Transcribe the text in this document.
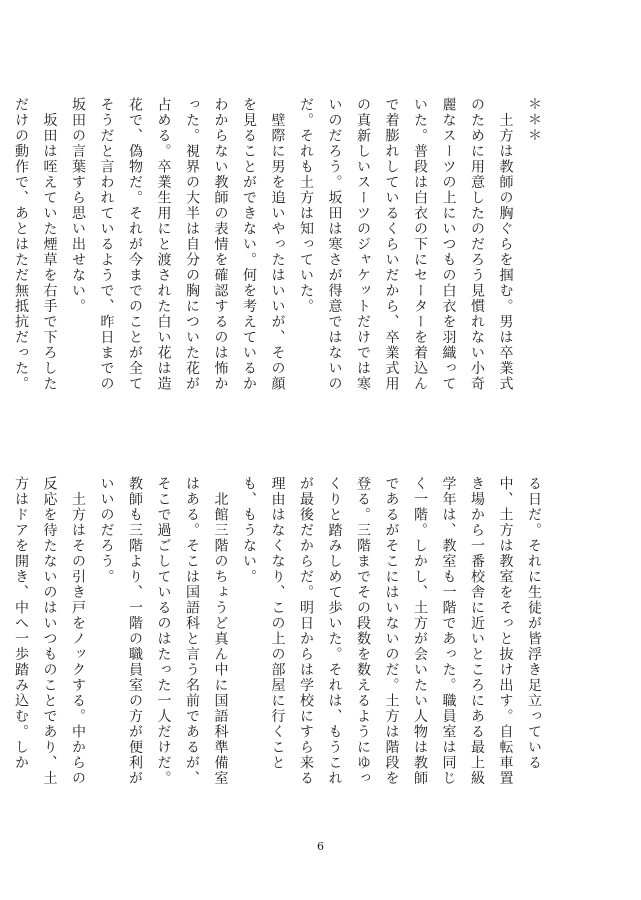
＊＊＊
　土方は教師の胸ぐらを掴む。男は卒業式のために用意したのだろう見慣れない小奇麗なスーツの上にいつもの白衣を羽織っていた。普段は白衣の下にセーターを着込んで着膨れしているくらいだから、卒業式用の真新しいスーツのジャケットだけでは寒いのだろう。坂田は寒さが得意ではないのだ。それも土方は知っていた。
　壁際に男を追いやったはいいが、その顔を見ることができない。何を考えているかわからない教師の表情を確認するのは怖かった。視界の大半は自分の胸についた花が占める。卒業生用にと渡された白い花は造花で、偽物だ。それが今までのことが全てそうだと言われているようで、昨日までの坂田の言葉すら思い出せない。
　坂田は咥えていた煙草を右手で下ろしただけの動作で、あとはただ無抵抗だった。

る日だ。それに生徒が皆浮き足立っている中、土方は教室をそっと抜け出す。自転車置き場から一番校舎に近いところにある最上級学年は、教室も一階であった。職員室は同じく一階。しかし、土方が会いたい人物は教師であるがそこにはいないのだ。土方は階段を登る。三階までその段数を数えるようにゆっくりと踏みしめて歩いた。それは、もうこれが最後だからだ。明日からは学校にすら来る理由はなくなり、この上の部屋に行くことも、もうない。
　北館三階のちょうど真ん中に国語科準備室はある。そこは国語科と言う名前であるが、そこで過ごしているのはたった一人だけだ。教師も三階より、一階の職員室の方が便利がいいのだろう。
　土方はその引き戸をノックする。中からの反応を待たないのはいつものことであり、土方はドアを開き、中へ一歩踏み込む。しか

6
